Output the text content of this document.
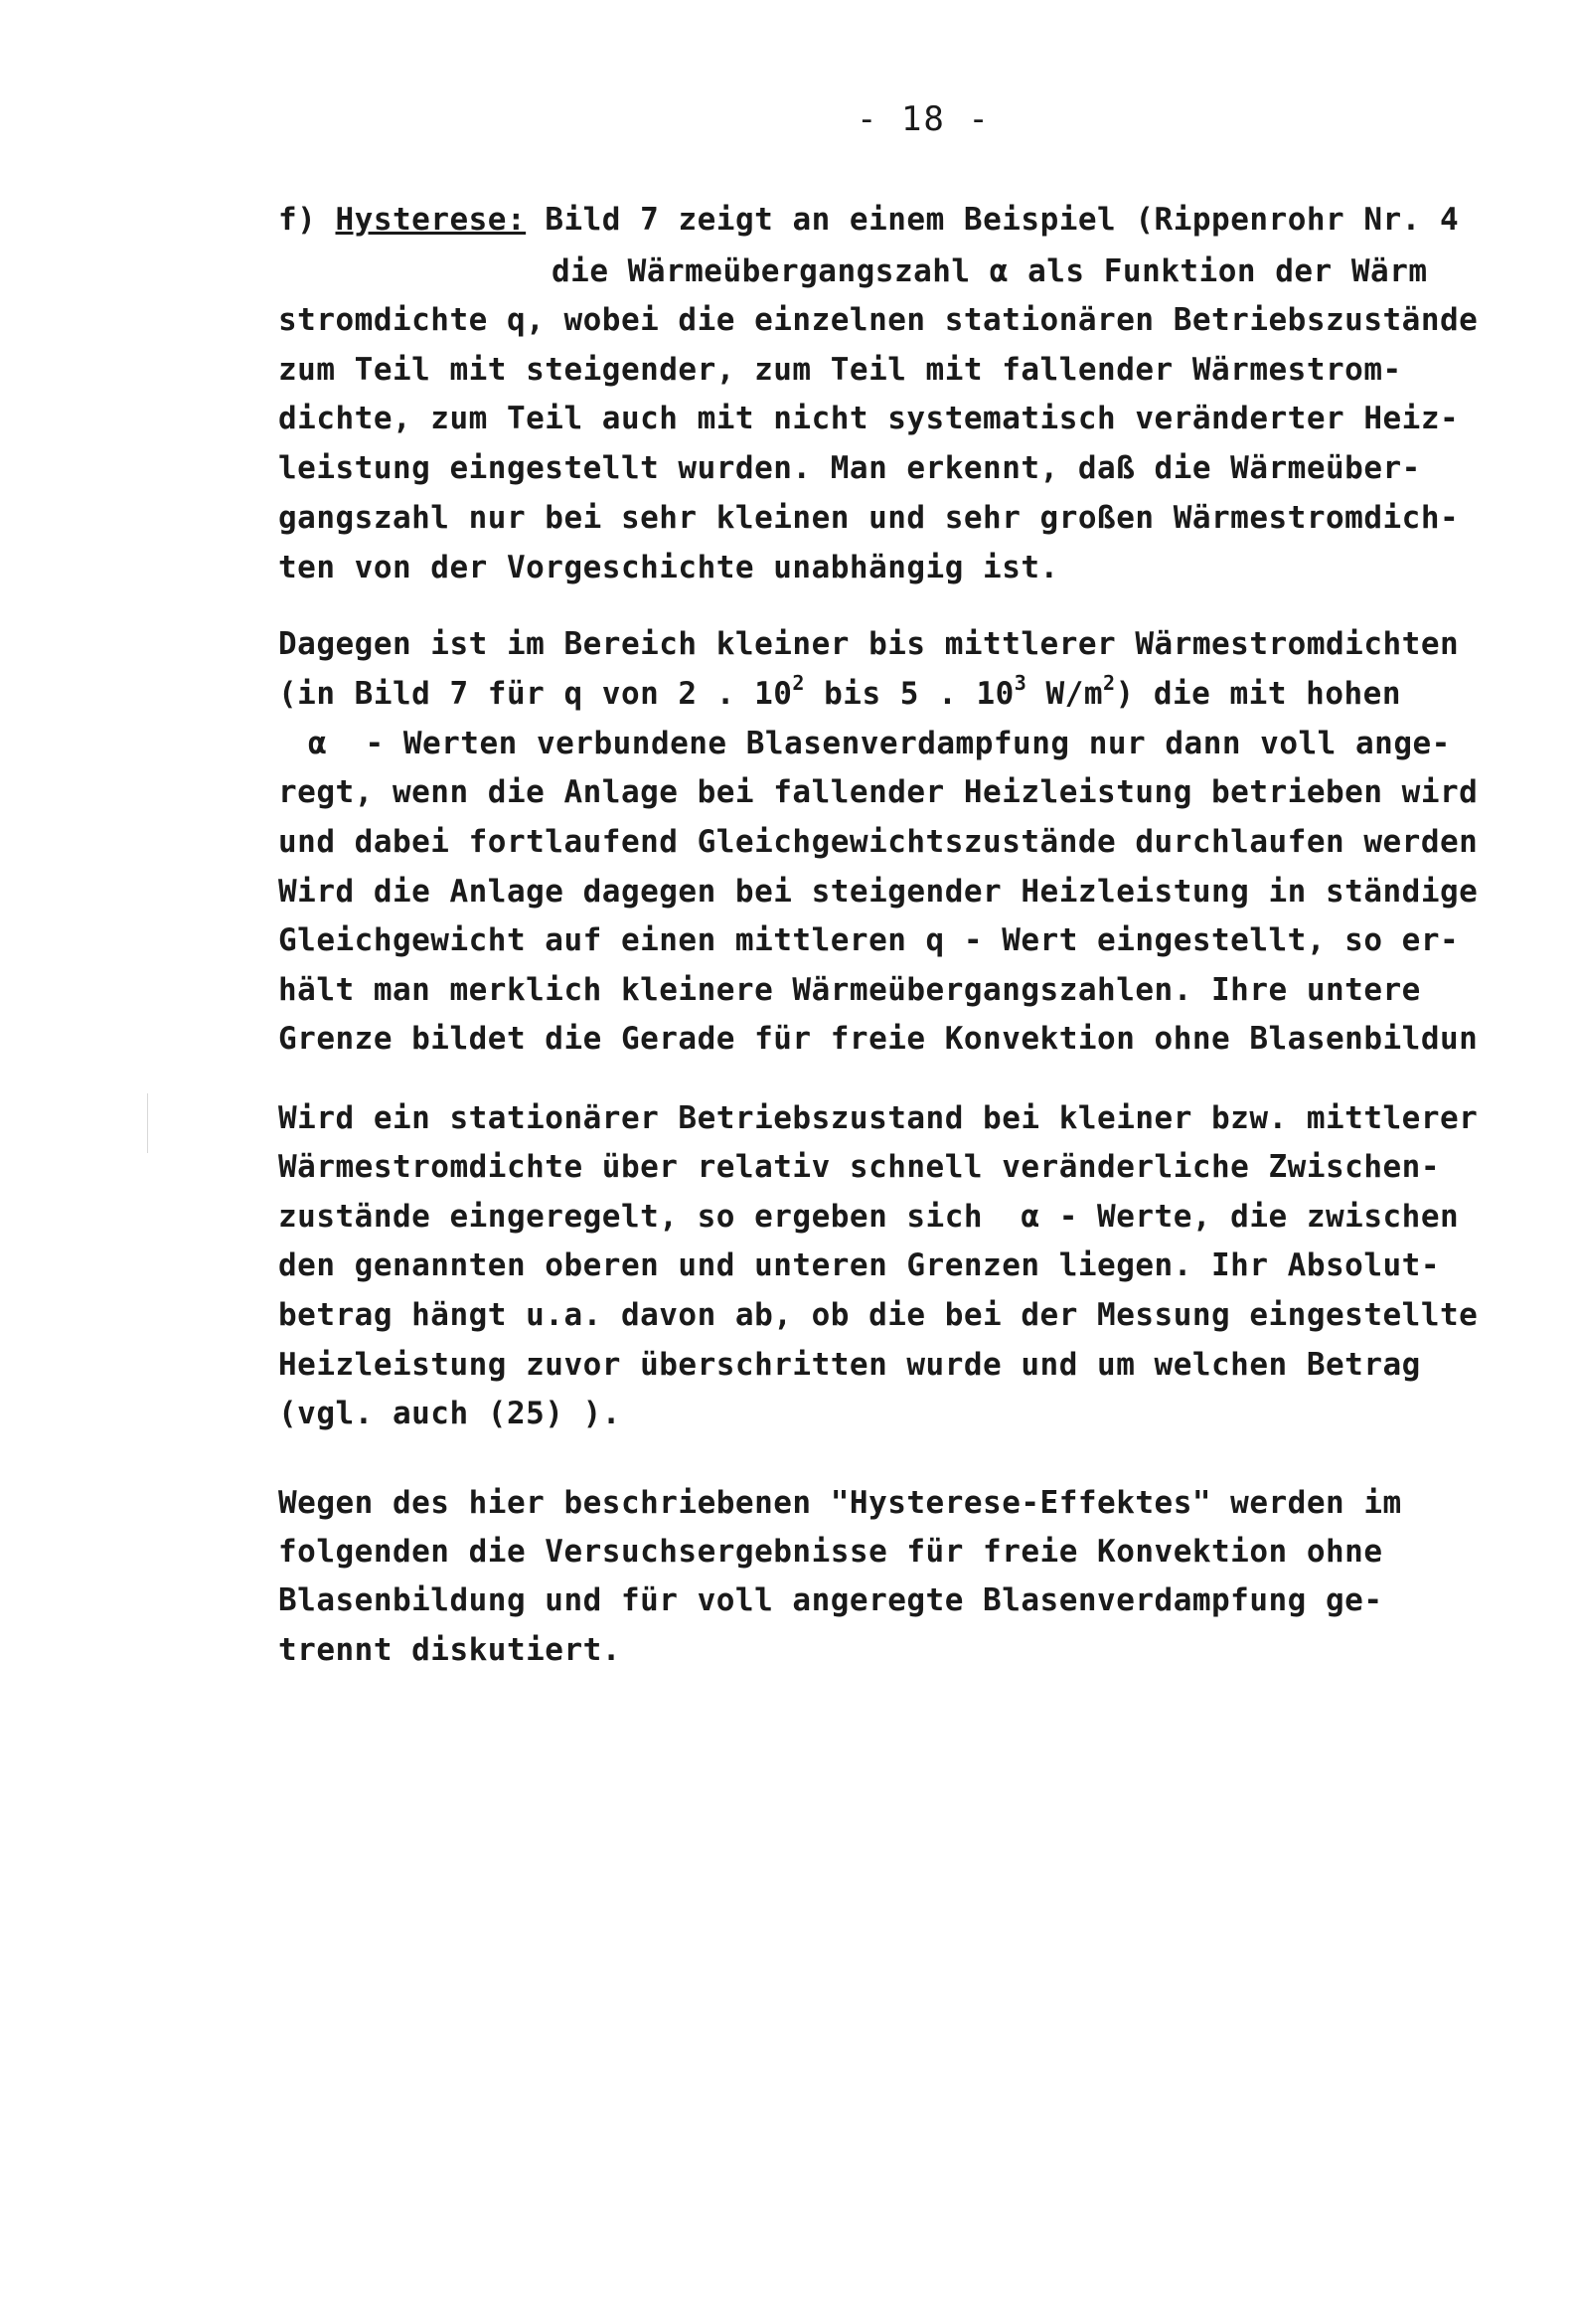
- 18 -
f) Hysterese: Bild 7 zeigt an einem Beispiel (Rippenrohr Nr. 4
die Wärmeübergangszahl α als Funktion der Wärm
stromdichte q, wobei die einzelnen stationären Betriebszustände
zum Teil mit steigender, zum Teil mit fallender Wärmestrom-
dichte, zum Teil auch mit nicht systematisch veränderter Heiz-
leistung eingestellt wurden. Man erkennt, daß die Wärmeüber-
gangszahl nur bei sehr kleinen und sehr großen Wärmestromdich-
ten von der Vorgeschichte unabhängig ist.
Dagegen ist im Bereich kleiner bis mittlerer Wärmestromdichten
(in Bild 7 für q von 2 . $10^2$ bis 5 . $10^3$ $W/m^2$) die mit hohen
α  - Werten verbundene Blasenverdampfung nur dann voll ange-
regt, wenn die Anlage bei fallender Heizleistung betrieben wird
und dabei fortlaufend Gleichgewichtszustände durchlaufen werden
Wird die Anlage dagegen bei steigender Heizleistung in ständige
Gleichgewicht auf einen mittleren q - Wert eingestellt, so er-
hält man merklich kleinere Wärmeübergangszahlen. Ihre untere
Grenze bildet die Gerade für freie Konvektion ohne Blasenbildun
Wird ein stationärer Betriebszustand bei kleiner bzw. mittlerer
Wärmestromdichte über relativ schnell veränderliche Zwischen-
zustände eingeregelt, so ergeben sich  α - Werte, die zwischen
den genannten oberen und unteren Grenzen liegen. Ihr Absolut-
betrag hängt u.a. davon ab, ob die bei der Messung eingestellte
Heizleistung zuvor überschritten wurde und um welchen Betrag
(vgl. auch (25) ).
Wegen des hier beschriebenen "Hysterese-Effektes" werden im
folgenden die Versuchsergebnisse für freie Konvektion ohne
Blasenbildung und für voll angeregte Blasenverdampfung ge-
trennt diskutiert.
